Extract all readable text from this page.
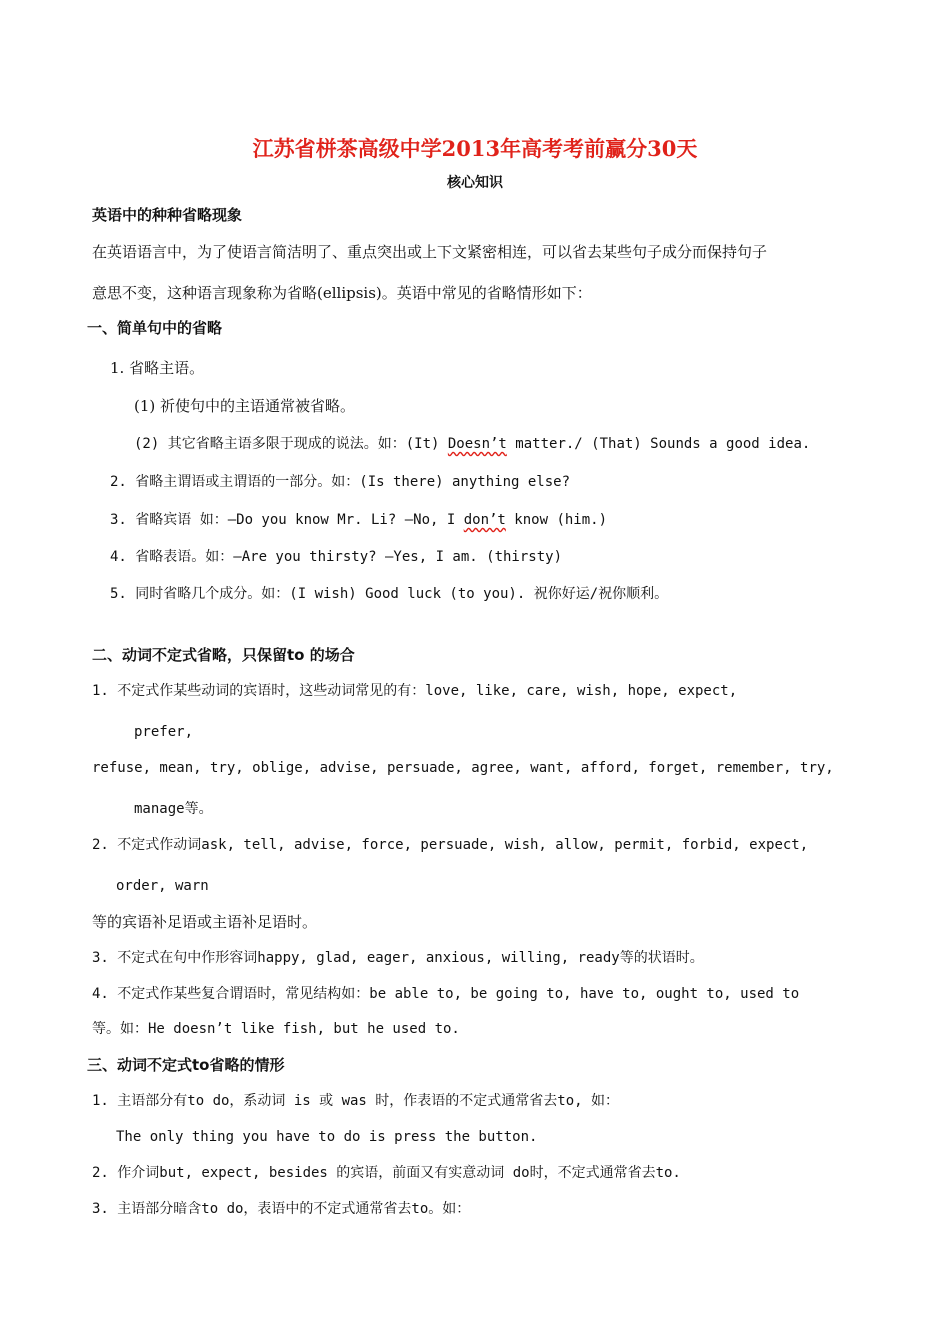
江苏省栟茶高级中学2013年高考考前赢分30天
核心知识
英语中的种种省略现象
在英语语言中，为了使语言简洁明了、重点突出或上下文紧密相连，可以省去某些句子成分而保持句子
意思不变，这种语言现象称为省略(ellipsis)。英语中常见的省略情形如下：
一、简单句中的省略
1. 省略主语。
(1) 祈使句中的主语通常被省略。
(2) 其它省略主语多限于现成的说法。如：(It) Doesn’t matter./ (That) Sounds a good idea.
2. 省略主谓语或主谓语的一部分。如：(Is there) anything else?
3. 省略宾语 如：—Do you know Mr. Li? —No, I don’t know (him.)
4. 省略表语。如：—Are you thirsty? —Yes, I am. (thirsty)
5. 同时省略几个成分。如：(I wish) Good luck (to you). 祝你好运/祝你顺利。
二、动词不定式省略，只保留to 的场合
1. 不定式作某些动词的宾语时，这些动词常见的有：love, like, care, wish, hope, expect,
prefer,
refuse, mean, try, oblige, advise, persuade, agree, want, afford, forget, remember, try,
manage等。
2. 不定式作动词ask, tell, advise, force, persuade, wish, allow, permit, forbid, expect,
order, warn
等的宾语补足语或主语补足语时。
3. 不定式在句中作形容词happy, glad, eager, anxious, willing, ready等的状语时。
4. 不定式作某些复合谓语时，常见结构如：be able to, be going to, have to, ought to, used to
等。如：He doesn’t like fish, but he used to.
三、动词不定式to省略的情形
1. 主语部分有to do，系动词 is 或 was 时，作表语的不定式通常省去to, 如：
The only thing you have to do is press the button.
2. 作介词but, expect, besides 的宾语，前面又有实意动词 do时，不定式通常省去to.
3. 主语部分暗含to do，表语中的不定式通常省去to。如：
